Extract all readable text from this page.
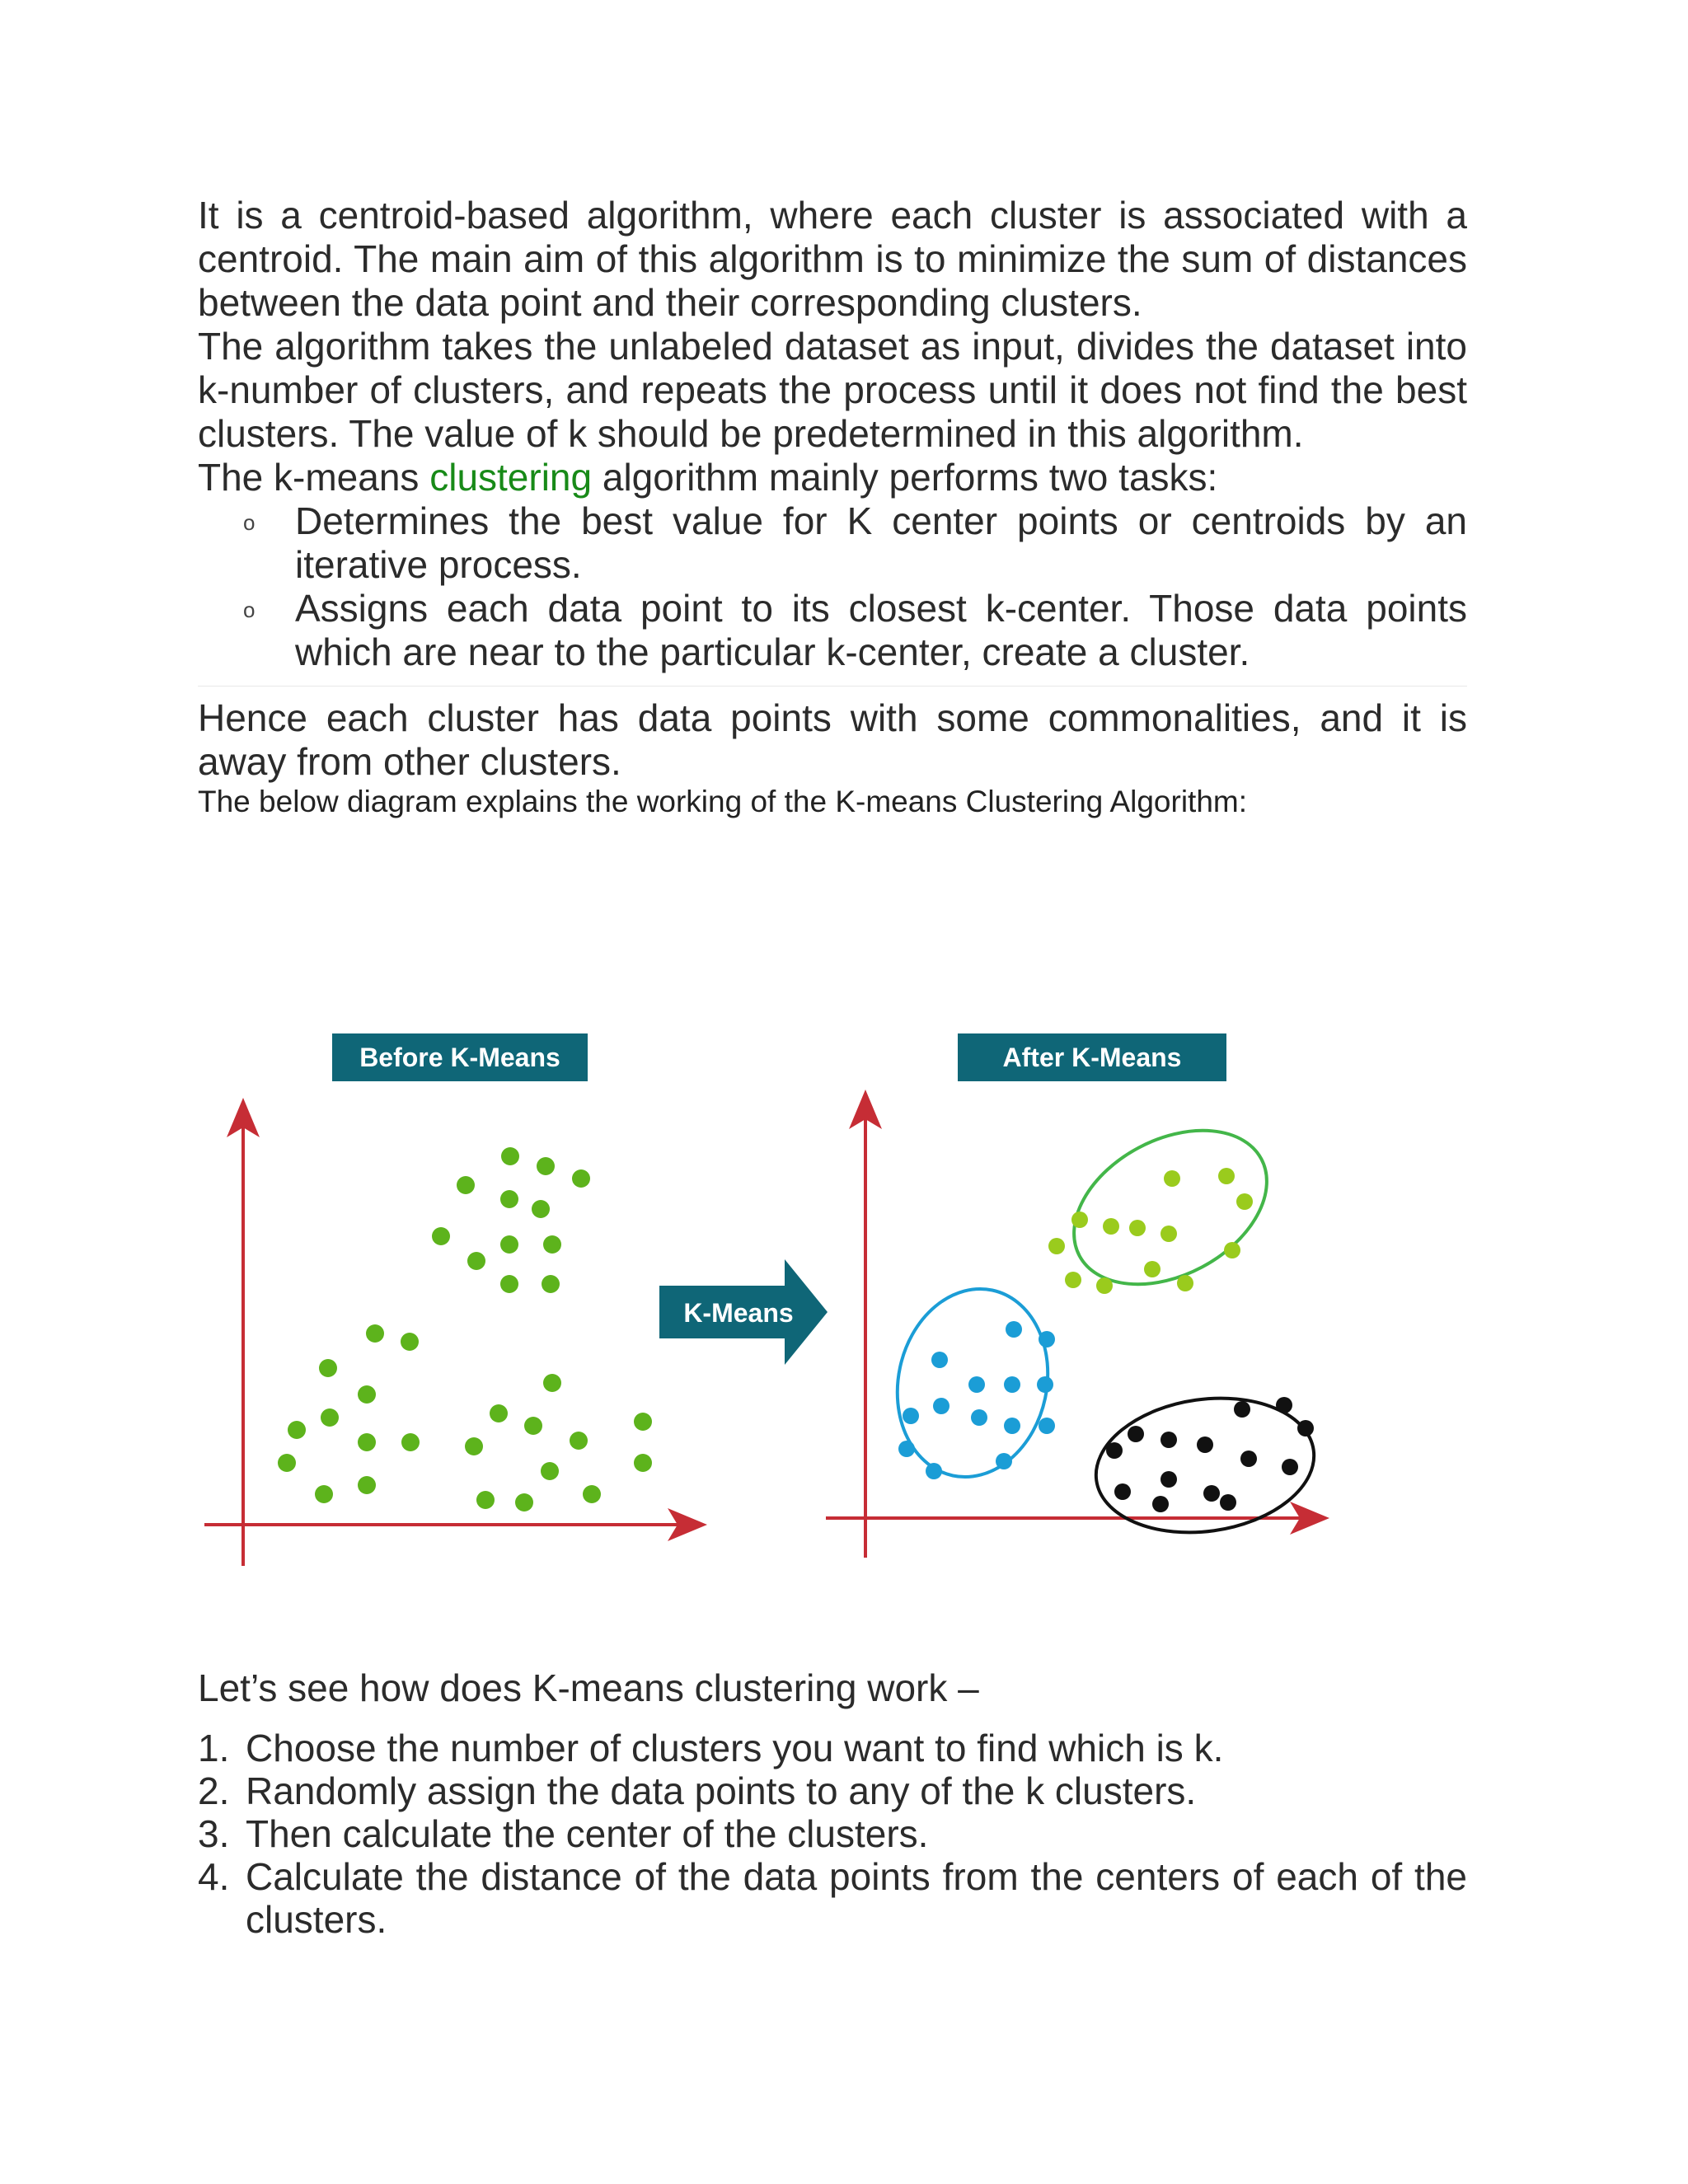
It is a centroid-based algorithm, where each cluster is associated with a centroid. The main aim of this algorithm is to minimize the sum of distances between the data point and their corresponding clusters.

The algorithm takes the unlabeled dataset as input, divides the dataset into k-number of clusters, and repeats the process until it does not find the best clusters. The value of k should be predetermined in this algorithm.

The k-means clustering algorithm mainly performs two tasks:

o Determines the best value for K center points or centroids by an iterative process.
o Assigns each data point to its closest k-center. Those data points which are near to the particular k-center, create a cluster.

Hence each cluster has data points with some commonalities, and it is away from other clusters.

The below diagram explains the working of the K-means Clustering Algorithm:

Before K-Means	After K-Means
K-Means

Let’s see how does K-means clustering work –

1. Choose the number of clusters you want to find which is k.
2. Randomly assign the data points to any of the k clusters.
3. Then calculate the center of the clusters.
4. Calculate the distance of the data points from the centers of each of the clusters.
